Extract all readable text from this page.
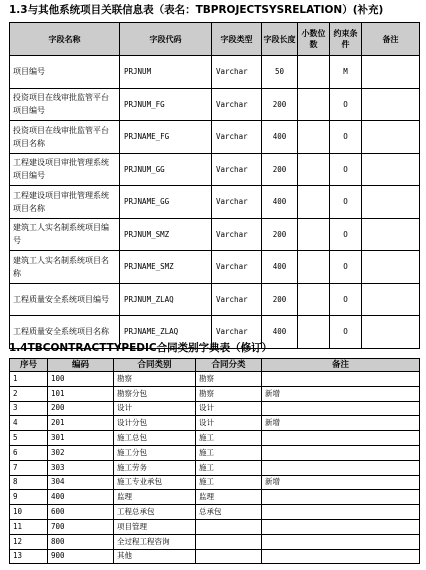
1.3与其他系统项目关联信息表（表名：TBPROJECTSYSRELATION）(补充)
字段名称	字段代码	字段类型	字段长度	小数位数	约束条件	备注
项目编号	PRJNUM	Varchar	50		M	
投资项目在线审批监管平台项目编号	PRJNUM_FG	Varchar	200		O	
投资项目在线审批监管平台项目名称	PRJNAME_FG	Varchar	400		O	
工程建设项目审批管理系统项目编号	PRJNUM_GG	Varchar	200		O	
工程建设项目审批管理系统项目名称	PRJNAME_GG	Varchar	400		O	
建筑工人实名制系统项目编号	PRJNUM_SMZ	Varchar	200		O	
建筑工人实名制系统项目名称	PRJNAME_SMZ	Varchar	400		O	
工程质量安全系统项目编号	PRJNUM_ZLAQ	Varchar	200		O	
工程质量安全系统项目名称	PRJNAME_ZLAQ	Varchar	400		O	
1.4TBCONTRACTTYPEDIC合同类别字典表（修订）
序号	编码	合同类别	合同分类	备注
1	100	勘察	勘察	
2	101	勘察分包	勘察	新增
3	200	设计	设计	
4	201	设计分包	设计	新增
5	301	施工总包	施工	
6	302	施工分包	施工	
7	303	施工劳务	施工	
8	304	施工专业承包	施工	新增
9	400	监理	监理	
10	600	工程总承包	总承包	
11	700	项目管理		
12	800	全过程工程咨询		
13	900	其他		
